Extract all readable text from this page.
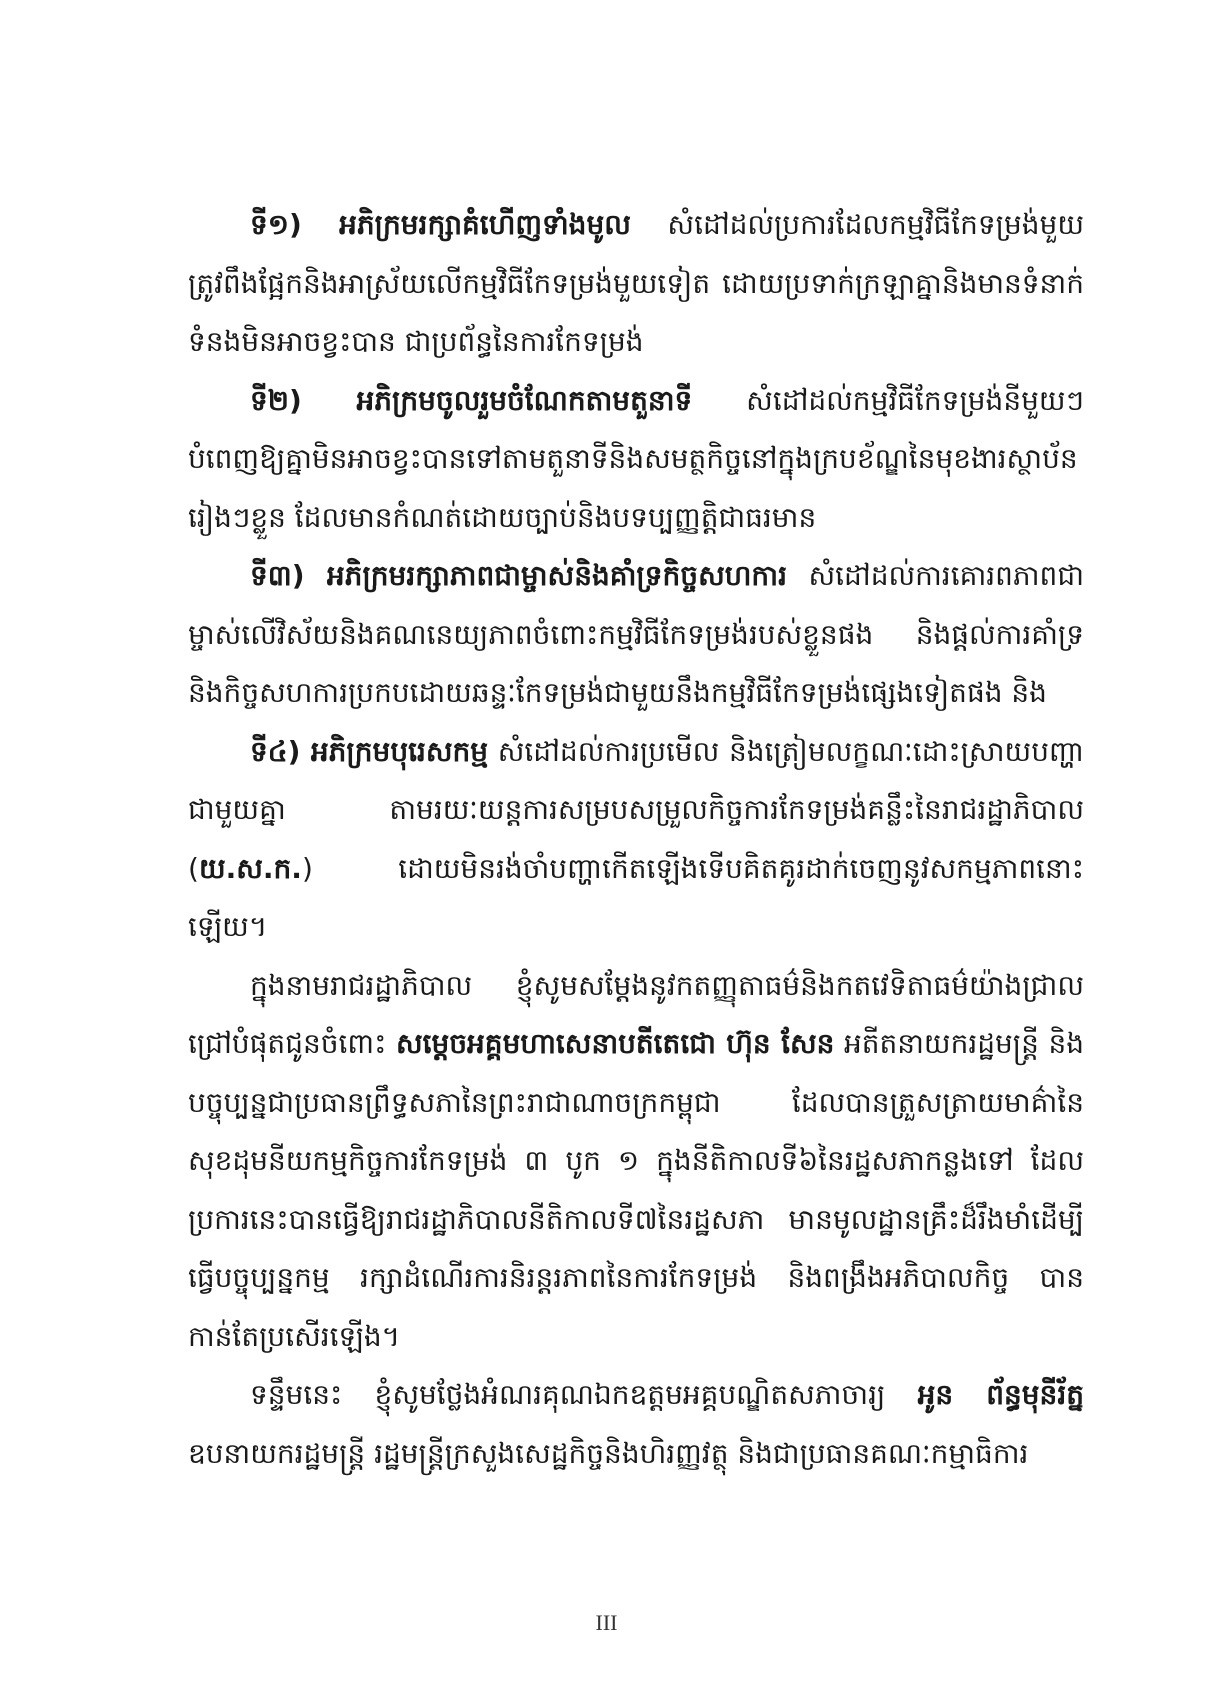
ទី១) អភិក្រមរក្សាគំហើញទាំងមូល សំដៅដល់ប្រការដែលកម្មវិធីកែទម្រង់មួយត្រូវពឹងផ្អែកនិងអាស្រ័យលើកម្មវិធីកែទម្រង់មួយទៀត ដោយប្រទាក់ក្រឡាគ្នានិងមានទំនាក់ទំនងមិនអាចខ្វះបាន ជាប្រព័ន្ធនៃការកែទម្រង់

ទី២) អភិក្រមចូលរួមចំណែកតាមតួនាទី សំដៅដល់កម្មវិធីកែទម្រង់នីមួយៗបំពេញឱ្យគ្នាមិនអាចខ្វះបានទៅតាមតួនាទីនិងសមត្ថកិច្ចនៅក្នុងក្របខ័ណ្ឌនៃមុខងារស្ថាប័នរៀងៗខ្លួន ដែលមានកំណត់ដោយច្បាប់និងបទប្បញ្ញត្តិជាធរមាន

ទី៣) អភិក្រមរក្សាភាពជាម្ចាស់និងគាំទ្រកិច្ចសហការ សំដៅដល់ការគោរពភាពជាម្ចាស់លើវិស័យនិងគណនេយ្យភាពចំពោះកម្មវិធីកែទម្រង់របស់ខ្លួនផង និងផ្តល់ការគាំទ្រនិងកិច្ចសហការប្រកបដោយឆន្ទៈកែទម្រង់ជាមួយនឹងកម្មវិធីកែទម្រង់ផ្សេងទៀតផង និង

ទី៤) អភិក្រមបុរេសកម្ម សំដៅដល់ការប្រមើល និងត្រៀមលក្ខណៈដោះស្រាយបញ្ហាជាមួយគ្នា តាមរយៈយន្តការសម្របសម្រួលកិច្ចការកែទម្រង់គន្លឹះនៃរាជរដ្ឋាភិបាល (យ.ស.ក.) ដោយមិនរង់ចាំបញ្ហាកើតឡើងទើបគិតគូរដាក់ចេញនូវសកម្មភាពនោះឡើយ។

ក្នុងនាមរាជរដ្ឋាភិបាល ខ្ញុំសូមសម្តែងនូវកតញ្ញុតាធម៌និងកតវេទិតាធម៌យ៉ាងជ្រាលជ្រៅបំផុតជូនចំពោះ សម្តេចអគ្គមហាសេនាបតីតេជោ ហ៊ុន សែន អតីតនាយករដ្ឋមន្ត្រី និងបច្ចុប្បន្នជាប្រធានព្រឹទ្ធសភានៃព្រះរាជាណាចក្រកម្ពុជា ដែលបានត្រួសត្រាយមាគ៌ានៃសុខដុមនីយកម្មកិច្ចការកែទម្រង់ ៣ បូក ១ ក្នុងនីតិកាលទី៦នៃរដ្ឋសភាកន្លងទៅ ដែលប្រការនេះបានធ្វើឱ្យរាជរដ្ឋាភិបាលនីតិកាលទី៧នៃរដ្ឋសភា មានមូលដ្ឋានគ្រឹះដ៏រឹងមាំដើម្បីធ្វើបច្ចុប្បន្នកម្ម រក្សាដំណើរការនិរន្តរភាពនៃការកែទម្រង់ និងពង្រឹងអភិបាលកិច្ច បានកាន់តែប្រសើរឡើង។

ទន្ទឹមនេះ ខ្ញុំសូមថ្លែងអំណរគុណឯកឧត្តមអគ្គបណ្ឌិតសភាចារ្យ អូន ព័ន្ធមុនីរ័ត្ន ឧបនាយករដ្ឋមន្ត្រី រដ្ឋមន្ត្រីក្រសួងសេដ្ឋកិច្ចនិងហិរញ្ញវត្ថុ និងជាប្រធានគណៈកម្មាធិការ

III
